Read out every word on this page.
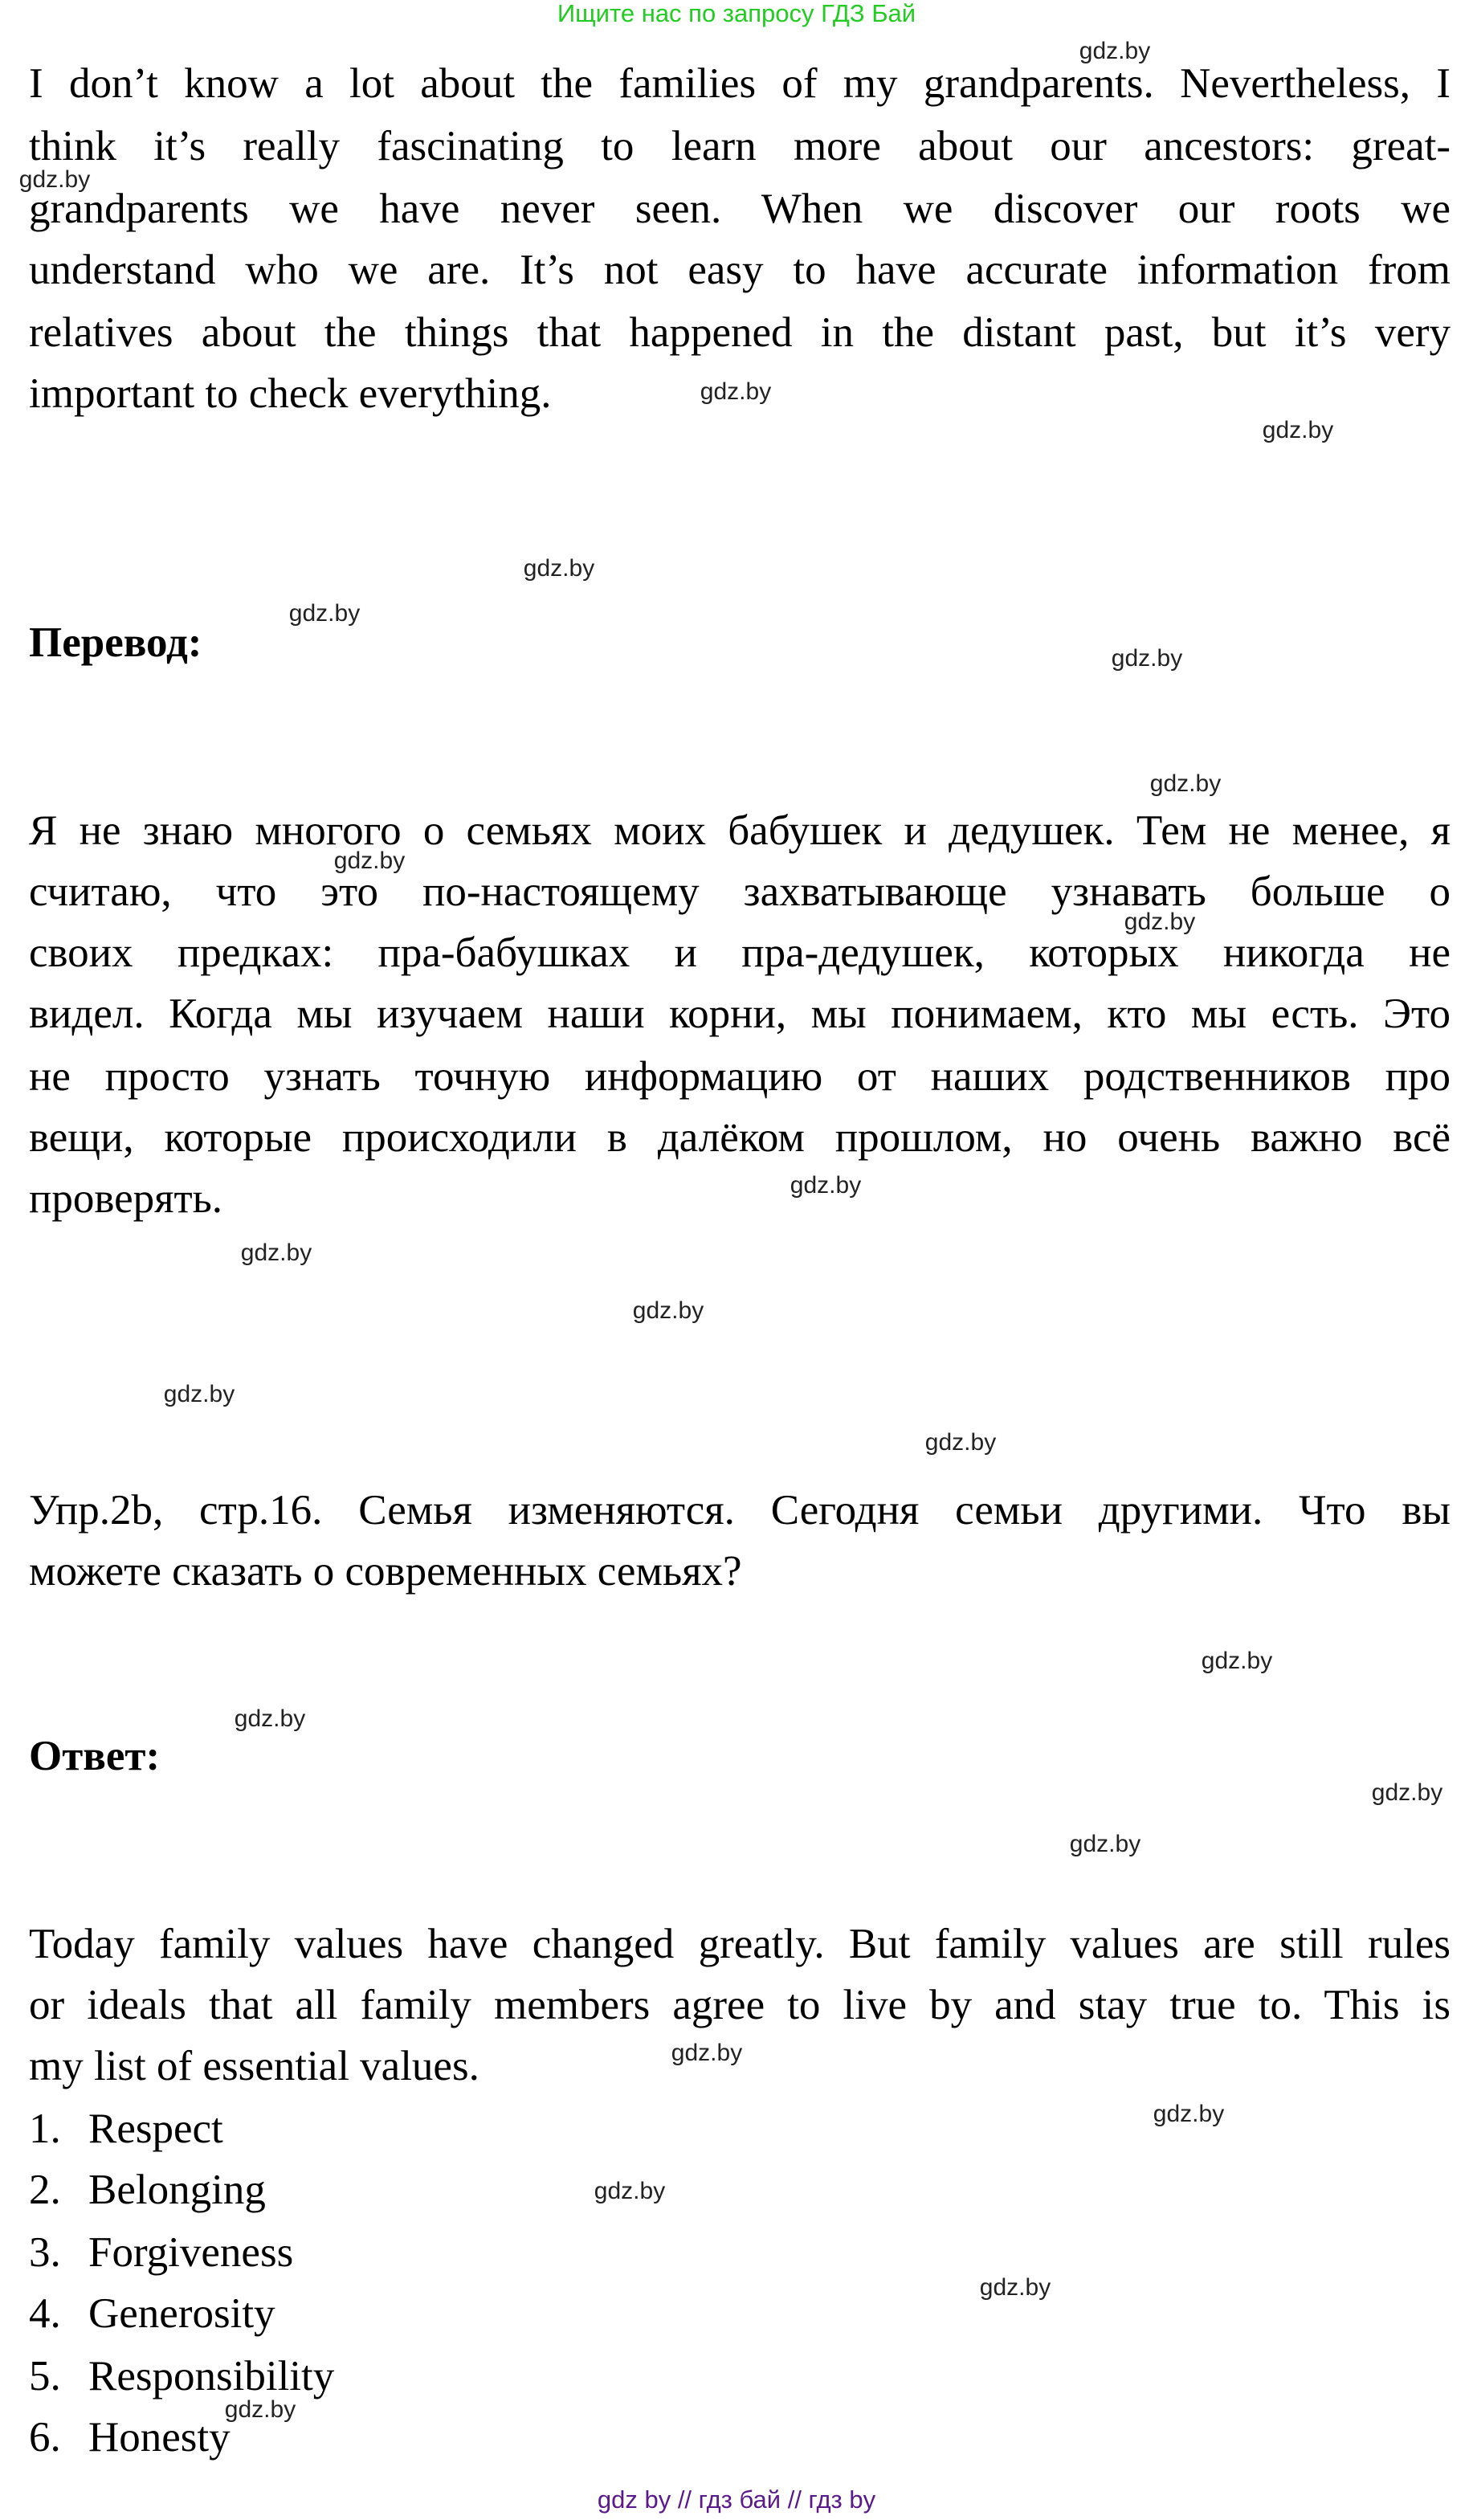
Ищите нас по запросу ГДЗ Бай
I don’t know a lot about the families of my grandparents. Nevertheless, I
think it’s really fascinating to learn more about our ancestors: great-
grandparents we have never seen. When we discover our roots we
understand who we are. It’s not easy to have accurate information from
relatives about the things that happened in the distant past, but it’s very
important to check everything.
Перевод:
Я не знаю многого о семьях моих бабушек и дедушек. Тем не менее, я
считаю, что это по-настоящему захватывающе узнавать больше о
своих предках: пра-бабушках и пра-дедушек, которых никогда не
видел. Когда мы изучаем наши корни, мы понимаем, кто мы есть. Это
не просто узнать точную информацию от наших родственников про
вещи, которые происходили в далёком прошлом, но очень важно всё
проверять.
Упр.2b, стр.16. Семья изменяются. Сегодня семьи другими. Что вы
можете сказать о современных семьях?
Ответ:
Today family values have changed greatly. But family values are still rules
or ideals that all family members agree to live by and stay true to. This is
my list of essential values.
1. Respect
2. Belonging
3. Forgiveness
4. Generosity
5. Responsibility
6. Honesty
gdz.by
gdz.by
gdz.by
gdz.by
gdz.by
gdz.by
gdz.by
gdz.by
gdz.by
gdz.by
gdz.by
gdz.by
gdz.by
gdz.by
gdz.by
gdz.by
gdz.by
gdz.by
gdz.by
gdz.by
gdz.by
gdz.by
gdz.by
gdz.by
gdz by // гдз бай // гдз by
